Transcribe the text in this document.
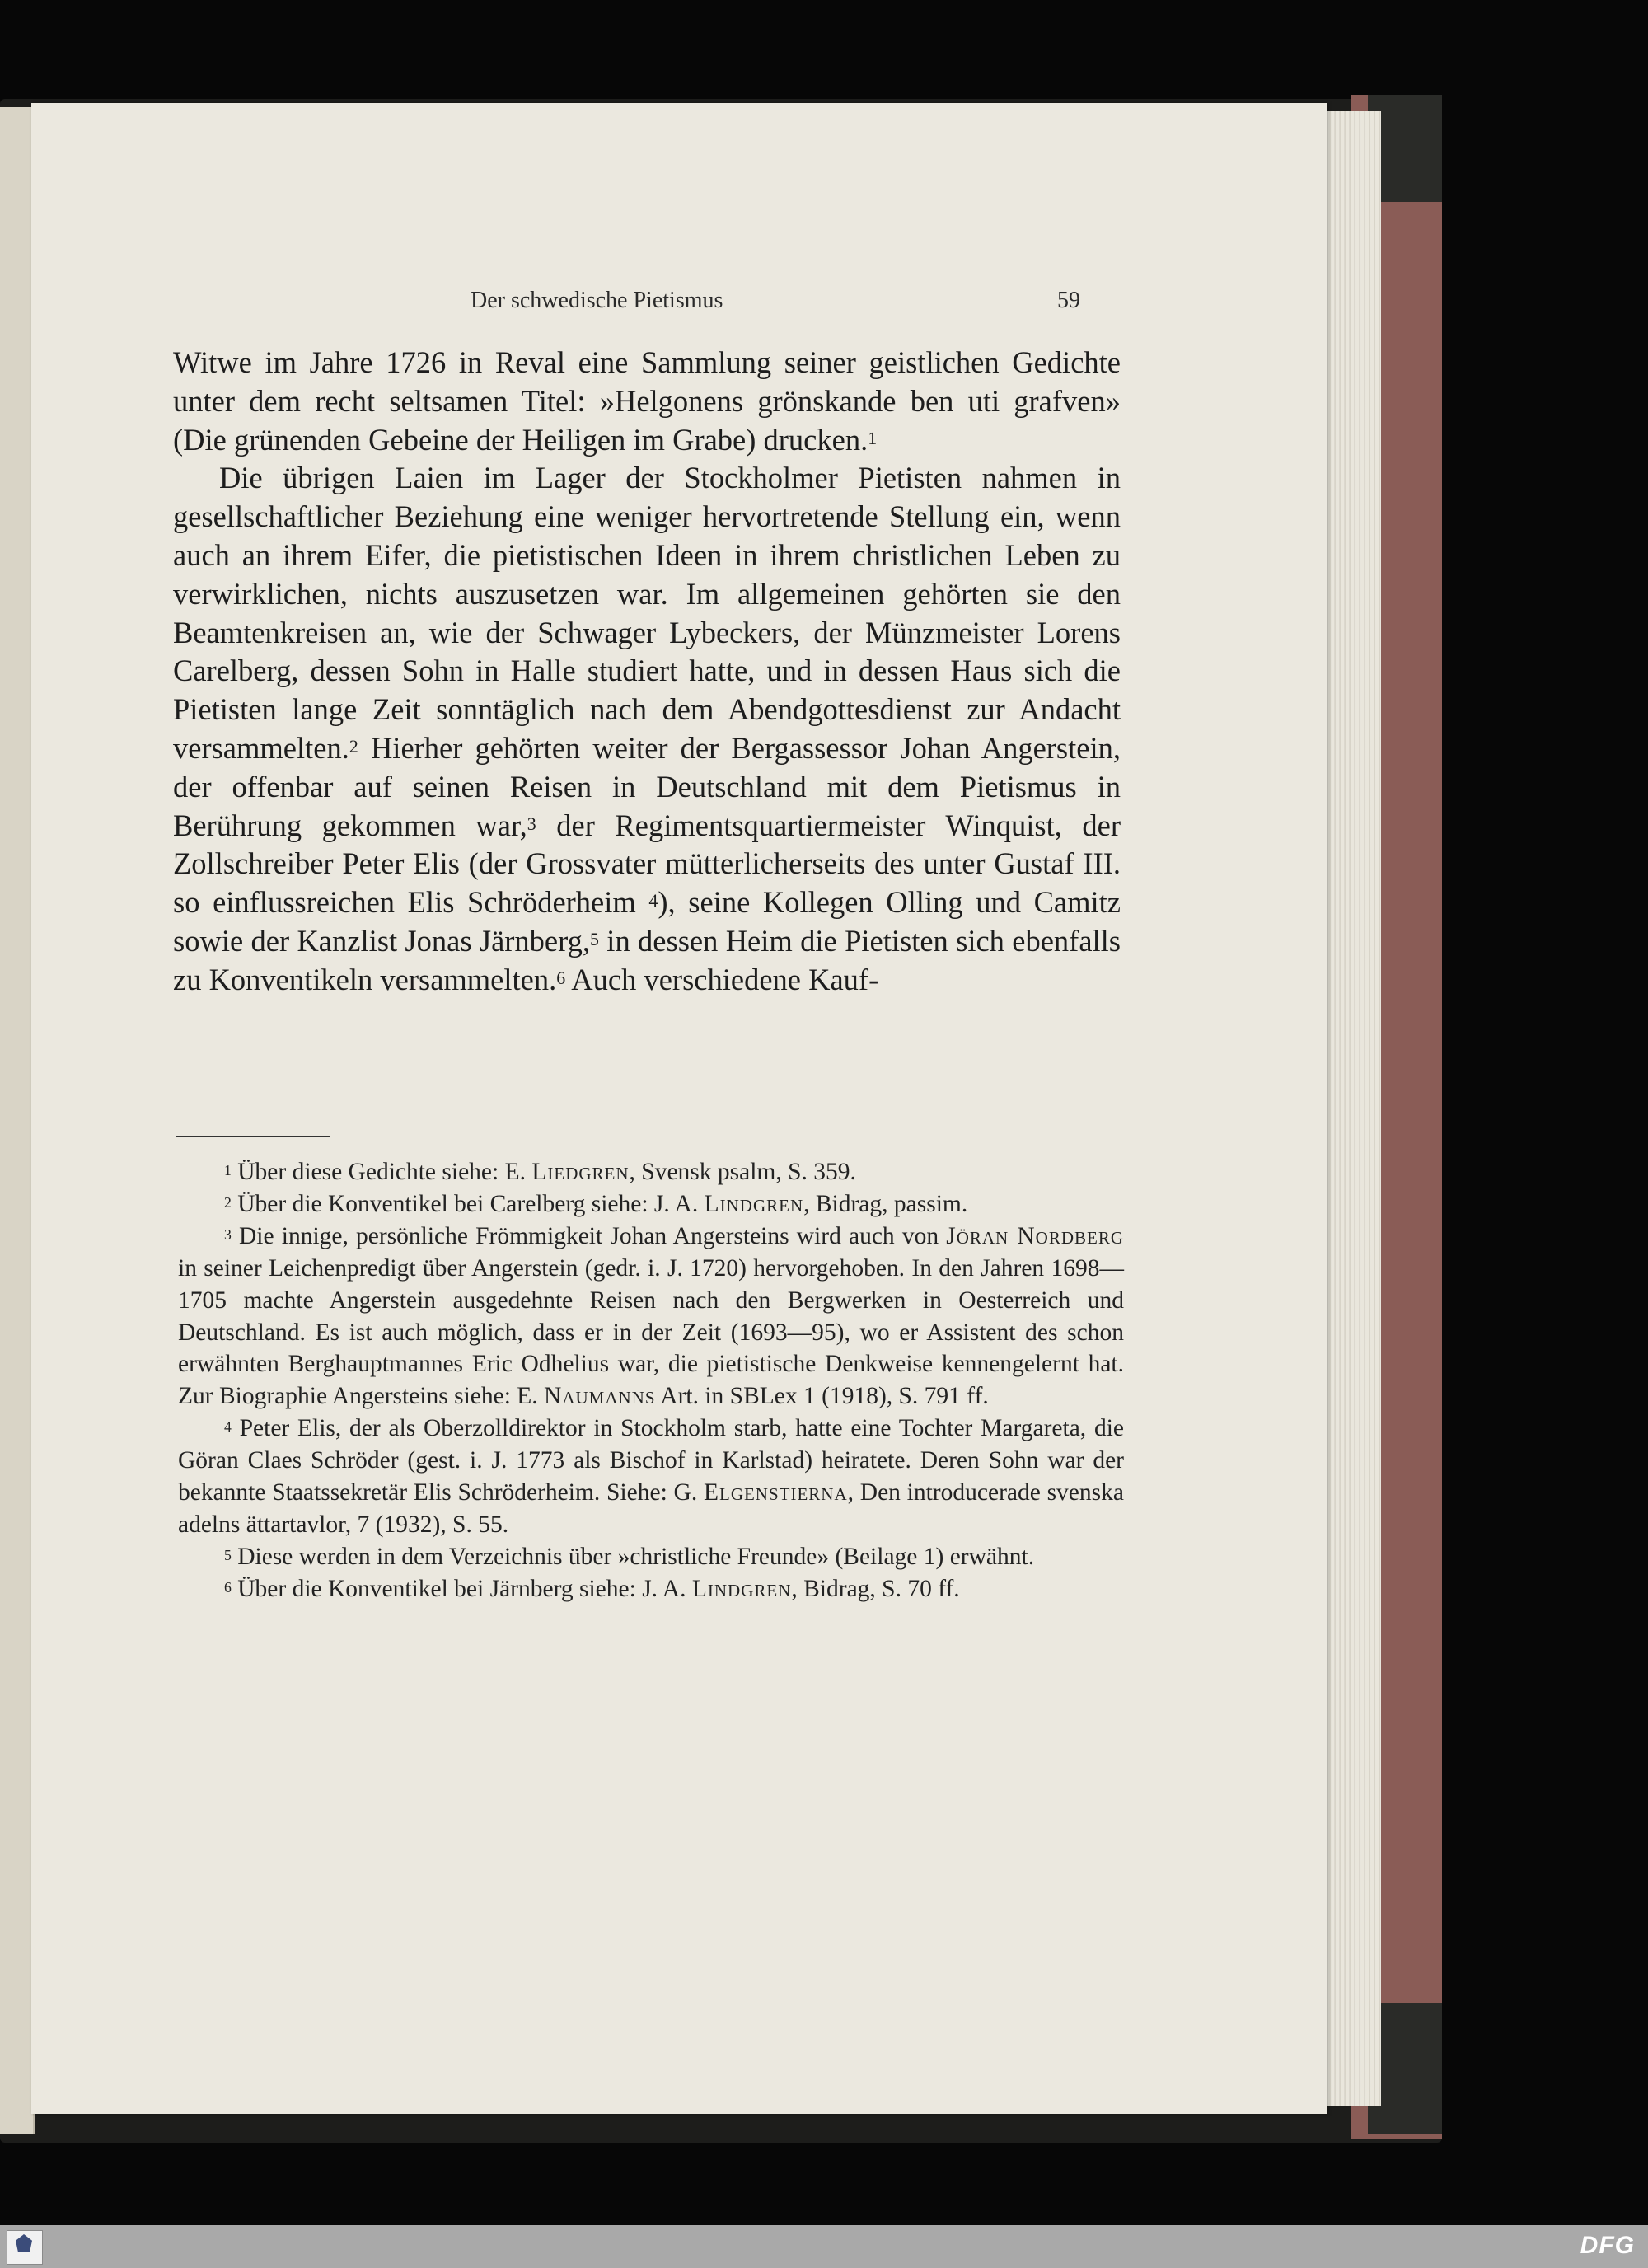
Der schwedische Pietismus	59

Witwe im Jahre 1726 in Reval eine Sammlung seiner geistlichen Gedichte unter dem recht seltsamen Titel: »Helgonens grönskande ben uti grafven» (Die grünenden Gebeine der Heiligen im Grabe) drucken.$^1$

Die übrigen Laien im Lager der Stockholmer Pietisten nahmen in gesellschaftlicher Beziehung eine weniger hervortretende Stellung ein, wenn auch an ihrem Eifer, die pietistischen Ideen in ihrem christlichen Leben zu verwirklichen, nichts auszusetzen war. Im allgemeinen gehörten sie den Beamtenkreisen an, wie der Schwager Lybeckers, der Münzmeister Lorens Carelberg, dessen Sohn in Halle studiert hatte, und in dessen Haus sich die Pietisten lange Zeit sonntäglich nach dem Abendgottesdienst zur Andacht versammelten.$^2$ Hierher gehörten weiter der Bergassessor Johan Angerstein, der offenbar auf seinen Reisen in Deutschland mit dem Pietismus in Berührung gekommen war,$^3$ der Regimentsquartiermeister Winquist, der Zollschreiber Peter Elis (der Grossvater mütterlicherseits des unter Gustaf III. so einflussreichen Elis Schröderheim $^4$), seine Kollegen Olling und Camitz sowie der Kanzlist Jonas Järnberg,$^5$ in dessen Heim die Pietisten sich ebenfalls zu Konventikeln versammelten.$^6$ Auch verschiedene Kauf-

$^1$ Über diese Gedichte siehe: E. Liedgren, Svensk psalm, S. 359.

$^2$ Über die Konventikel bei Carelberg siehe: J. A. Lindgren, Bidrag, passim.

$^3$ Die innige, persönliche Frömmigkeit Johan Angersteins wird auch von Jöran Nordberg in seiner Leichenpredigt über Angerstein (gedr. i. J. 1720) hervorgehoben. In den Jahren 1698—1705 machte Angerstein ausgedehnte Reisen nach den Bergwerken in Oesterreich und Deutschland. Es ist auch möglich, dass er in der Zeit (1693—95), wo er Assistent des schon erwähnten Berghauptmannes Eric Odhelius war, die pietistische Denkweise kennengelernt hat. Zur Biographie Angersteins siehe: E. Naumanns Art. in SBLex 1 (1918), S. 791 ff.

$^4$ Peter Elis, der als Oberzolldirektor in Stockholm starb, hatte eine Tochter Margareta, die Göran Claes Schröder (gest. i. J. 1773 als Bischof in Karlstad) heiratete. Deren Sohn war der bekannte Staatssekretär Elis Schröderheim. Siehe: G. Elgenstierna, Den introducerade svenska adelns ättartavlor, 7 (1932), S. 55.

$^5$ Diese werden in dem Verzeichnis über »christliche Freunde» (Beilage 1) erwähnt.

$^6$ Über die Konventikel bei Järnberg siehe: J. A. Lindgren, Bidrag, S. 70 ff.

DFG
